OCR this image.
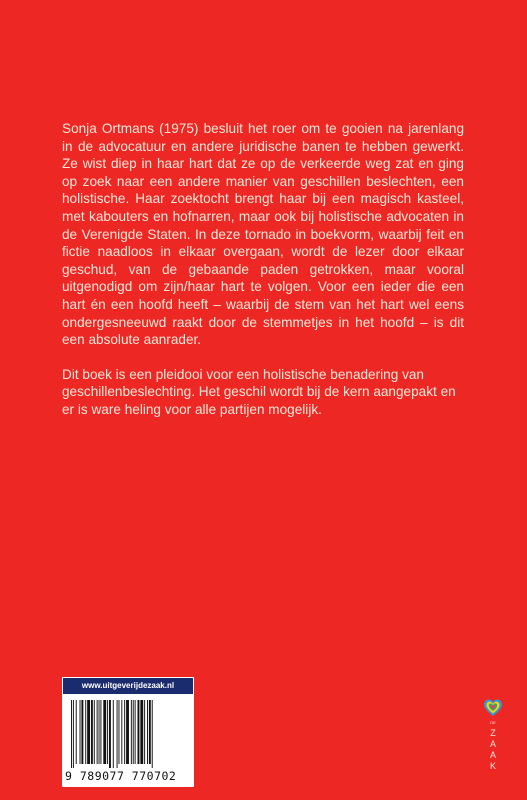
Sonja Ortmans (1975) besluit het roer om te gooien na jarenlang in de advocatuur en andere juridische banen te hebben gewerkt. Ze wist diep in haar hart dat ze op de verkeerde weg zat en ging op zoek naar een andere manier van geschillen beslechten, een holistische. Haar zoektocht brengt haar bij een magisch kasteel, met kabouters en hofnarren, maar ook bij holistische advocaten in de Verenigde Staten. In deze tornado in boekvorm, waarbij feit en fictie naadloos in elkaar overgaan, wordt de lezer door elkaar geschud, van de gebaande paden getrokken, maar vooral uitgenodigd om zijn/haar hart te volgen. Voor een ieder die een hart én een hoofd heeft – waarbij de stem van het hart wel eens ondergesneeuwd raakt door de stemmetjes in het hoofd – is dit een absolute aanrader.

Dit boek is een pleidooi voor een holistische benadering van geschillenbeslechting. Het geschil wordt bij de kern aangepakt en er is ware heling voor alle partijen mogelijk.

www.uitgeverijdezaak.nl
9 789077 770702
DE
Z
A
A
K
